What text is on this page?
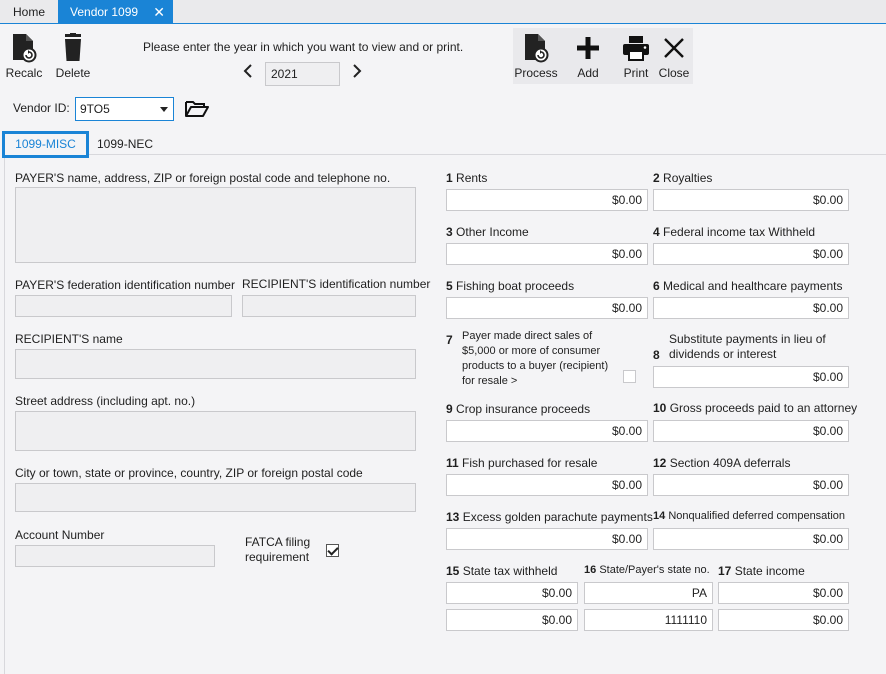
Home	Vendor 1099 ✕
Recalc Delete
Please enter the year in which you want to view and or print.
2021	Process	Add	Print Close
Vendor ID: 9TO5
1099-MISC	1099-NEC
PAYER'S name, address, ZIP or foreign postal code and telephone no.
PAYER'S federation identification number RECIPIENT'S identification number
RECIPIENT'S name
Street address (including apt. no.)
City or town, state or province, country, ZIP or foreign postal code
Account Number	FATCA filing requirement
1 Rents
$0.00
2 Royalties
$0.00
3 Other Income
$0.00
4 Federal income tax Withheld
$0.00
5 Fishing boat proceeds
$0.00
6 Medical and healthcare payments
$0.00
7 Payer made direct sales of $5,000 or more of consumer products to a buyer (recipient) for resale >
8
Substitute payments in lieu of dividends or interest
$0.00
9 Crop insurance proceeds
$0.00
10 Gross proceeds paid to an attorney
$0.00
11 Fish purchased for resale
$0.00
12 Section 409A deferrals
$0.00
13 Excess golden parachute payments
$0.00
14 Nonqualified deferred compensation
$0.00
15 State tax withheld 16 State/Payer's state no. 17 State income
$0.00	PA	$0.00
$0.00	1111110	$0.00
